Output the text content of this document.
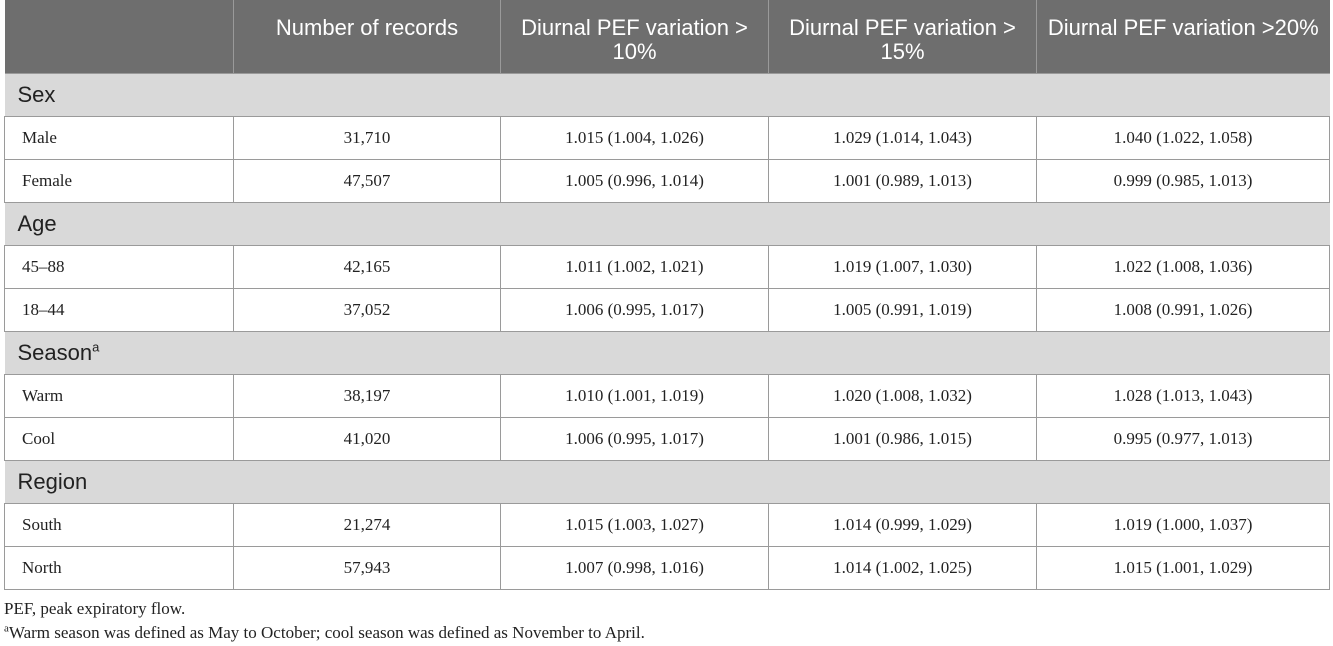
	Number of records	Diurnal PEF variation > 10%	Diurnal PEF variation > 15%	Diurnal PEF variation >20%
Sex				
Male	31,710	1.015 (1.004, 1.026)	1.029 (1.014, 1.043)	1.040 (1.022, 1.058)
Female	47,507	1.005 (0.996, 1.014)	1.001 (0.989, 1.013)	0.999 (0.985, 1.013)
Age				
45–88	42,165	1.011 (1.002, 1.021)	1.019 (1.007, 1.030)	1.022 (1.008, 1.036)
18–44	37,052	1.006 (0.995, 1.017)	1.005 (0.991, 1.019)	1.008 (0.991, 1.026)
Season$^a$
Warm	38,197	1.010 (1.001, 1.019)	1.020 (1.008, 1.032)	1.028 (1.013, 1.043)
Cool	41,020	1.006 (0.995, 1.017)	1.001 (0.986, 1.015)	0.995 (0.977, 1.013)
Region				
South	21,274	1.015 (1.003, 1.027)	1.014 (0.999, 1.029)	1.019 (1.000, 1.037)
North	57,943	1.007 (0.998, 1.016)	1.014 (1.002, 1.025)	1.015 (1.001, 1.029)

PEF, peak expiratory flow.

$^a$Warm season was defined as May to October; cool season was defined as November to April.
